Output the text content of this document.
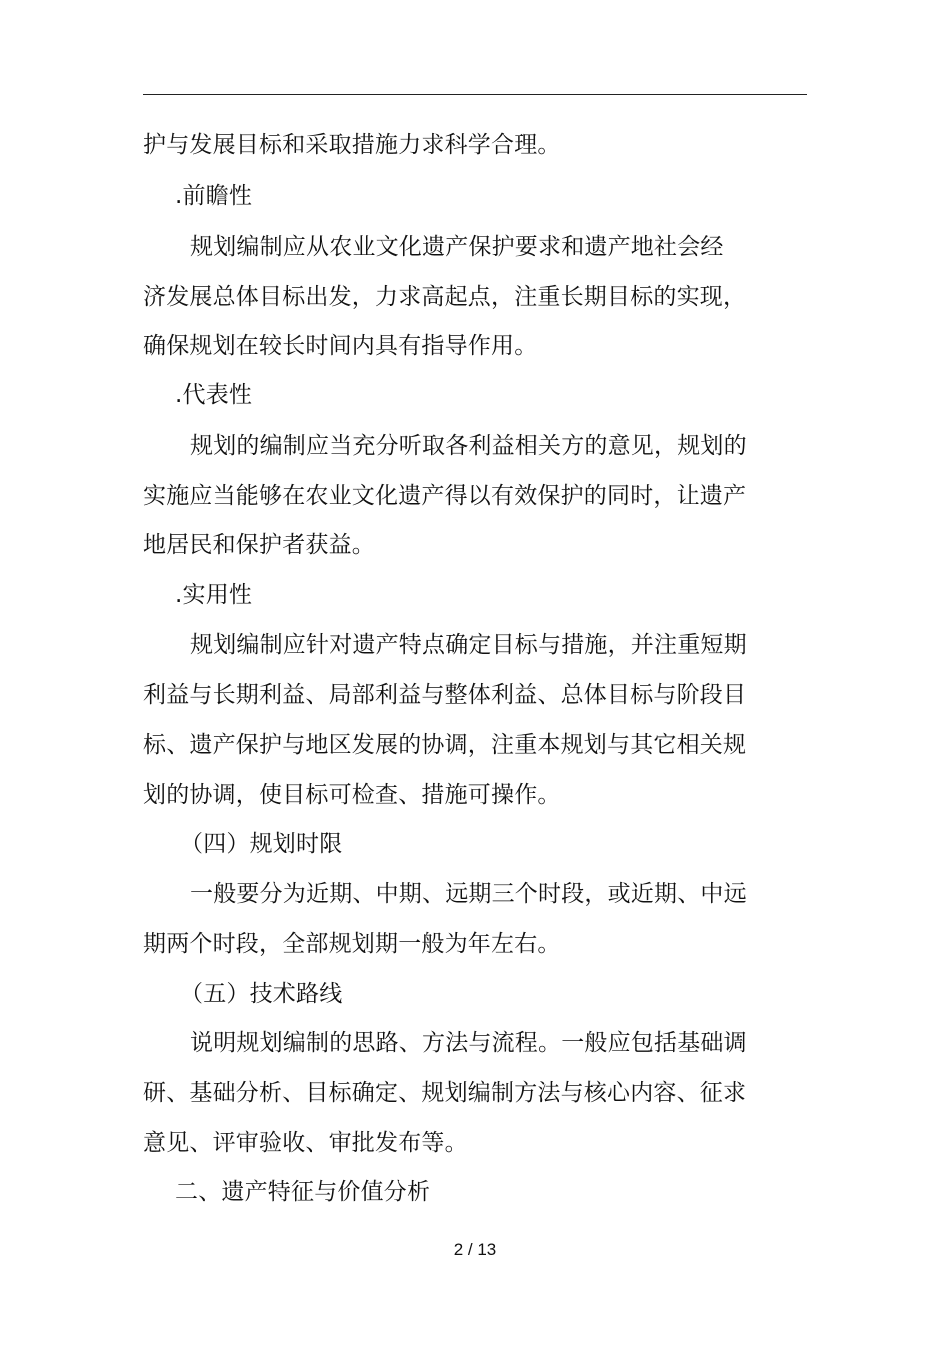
护与发展目标和采取措施力求科学合理。
.前瞻性
规划编制应从农业文化遗产保护要求和遗产地社会经
济发展总体目标出发，力求高起点，注重长期目标的实现，
确保规划在较长时间内具有指导作用。
.代表性
规划的编制应当充分听取各利益相关方的意见，规划的
实施应当能够在农业文化遗产得以有效保护的同时，让遗产
地居民和保护者获益。
.实用性
规划编制应针对遗产特点确定目标与措施，并注重短期
利益与长期利益、局部利益与整体利益、总体目标与阶段目
标、遗产保护与地区发展的协调，注重本规划与其它相关规
划的协调，使目标可检查、措施可操作。
（四）规划时限
一般要分为近期、中期、远期三个时段，或近期、中远
期两个时段，全部规划期一般为年左右。
（五）技术路线
说明规划编制的思路、方法与流程。一般应包括基础调
研、基础分析、目标确定、规划编制方法与核心内容、征求
意见、评审验收、审批发布等。
二、遗产特征与价值分析
2 / 13
